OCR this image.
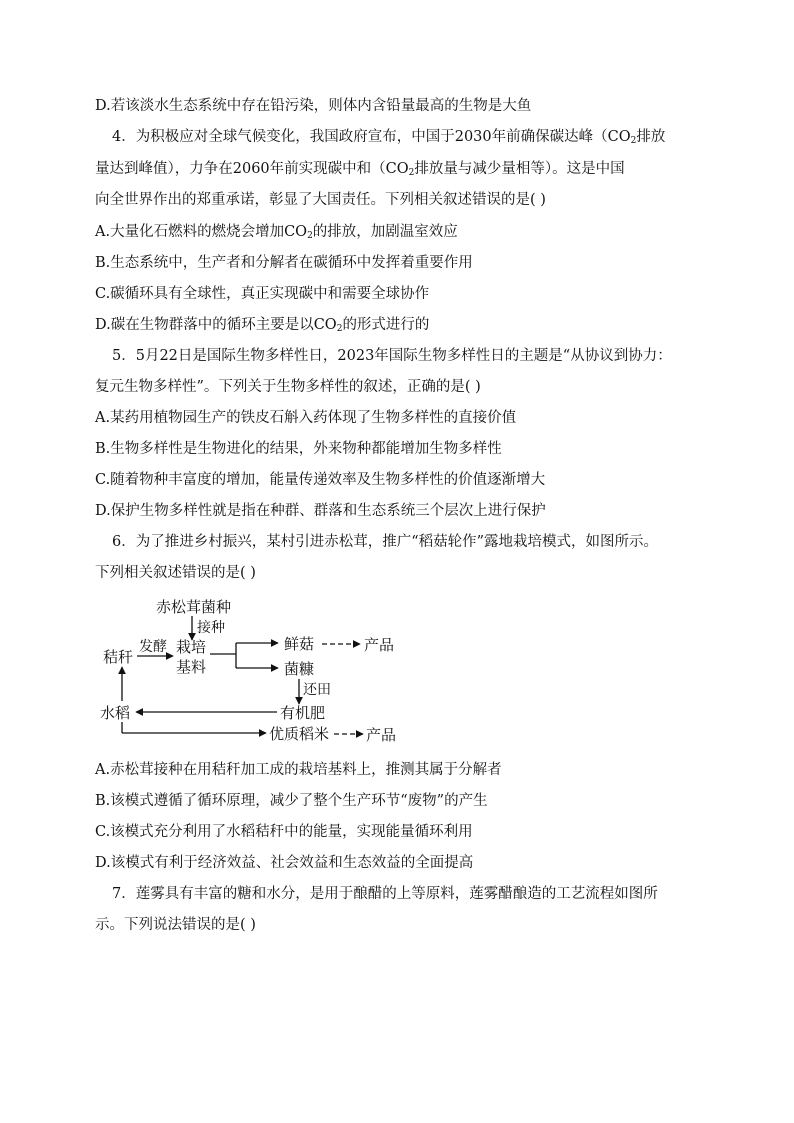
D.若该淡水生态系统中存在铅污染，则体内含铅量最高的生物是大鱼
4．为积极应对全球气候变化，我国政府宣布，中国于2030年前确保碳达峰（$CO_2$排放
量达到峰值），力争在2060年前实现碳中和（$CO_2$排放量与减少量相等）。这是中国
向全世界作出的郑重承诺，彰显了大国责任。下列相关叙述错误的是( )
A.大量化石燃料的燃烧会增加$CO_2$的排放，加剧温室效应
B.生态系统中，生产者和分解者在碳循环中发挥着重要作用
C.碳循环具有全球性，真正实现碳中和需要全球协作
D.碳在生物群落中的循环主要是以$CO_2$的形式进行的
5．5月22日是国际生物多样性日，2023年国际生物多样性日的主题是“从协议到协力：
复元生物多样性”。下列关于生物多样性的叙述，正确的是( )
A.某药用植物园生产的铁皮石斛入药体现了生物多样性的直接价值
B.生物多样性是生物进化的结果，外来物种都能增加生物多样性
C.随着物种丰富度的增加，能量传递效率及生物多样性的价值逐渐增大
D.保护生物多样性就是指在种群、群落和生态系统三个层次上进行保护
6．为了推进乡村振兴，某村引进赤松茸，推广“稻菇轮作”露地栽培模式，如图所示。
下列相关叙述错误的是( )
赤松茸菌种
接种
秸秆
发酵 栽培
基料
鲜菇	产品
菌糠
还田
有机肥
水稻
优质稻米 产品
A.赤松茸接种在用秸秆加工成的栽培基料上，推测其属于分解者
B.该模式遵循了循环原理，减少了整个生产环节“废物”的产生
C.该模式充分利用了水稻秸秆中的能量，实现能量循环利用
D.该模式有利于经济效益、社会效益和生态效益的全面提高
7．莲雾具有丰富的糖和水分，是用于酿醋的上等原料，莲雾醋酿造的工艺流程如图所
示。下列说法错误的是( )
